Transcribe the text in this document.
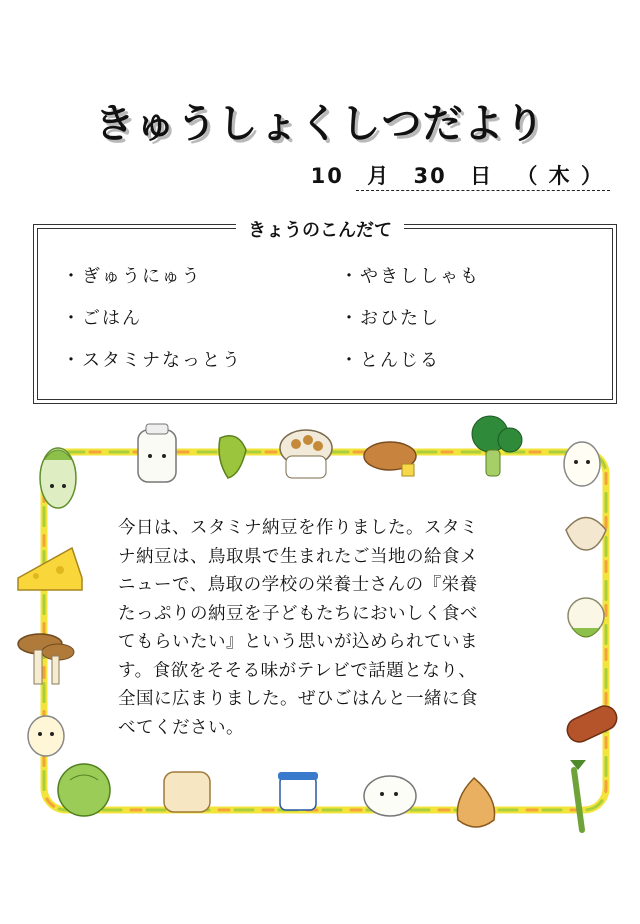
きゅうしょくしつだより
10 月 30 日 （ 木 ）
きょうのこんだて
・ぎゅうにゅう
・ごはん
・スタミナなっとう
・やきししゃも
・おひたし
・とんじる
今日は、スタミナ納豆を作りました。スタミ
ナ納豆は、鳥取県で生まれたご当地の給食メ
ニューで、鳥取の学校の栄養士さんの『栄養
たっぷりの納豆を子どもたちにおいしく食べ
てもらいたい』という思いが込められていま
す。食欲をそそる味がテレビで話題となり、
全国に広まりました。ぜひごはんと一緒に食
べてください。
